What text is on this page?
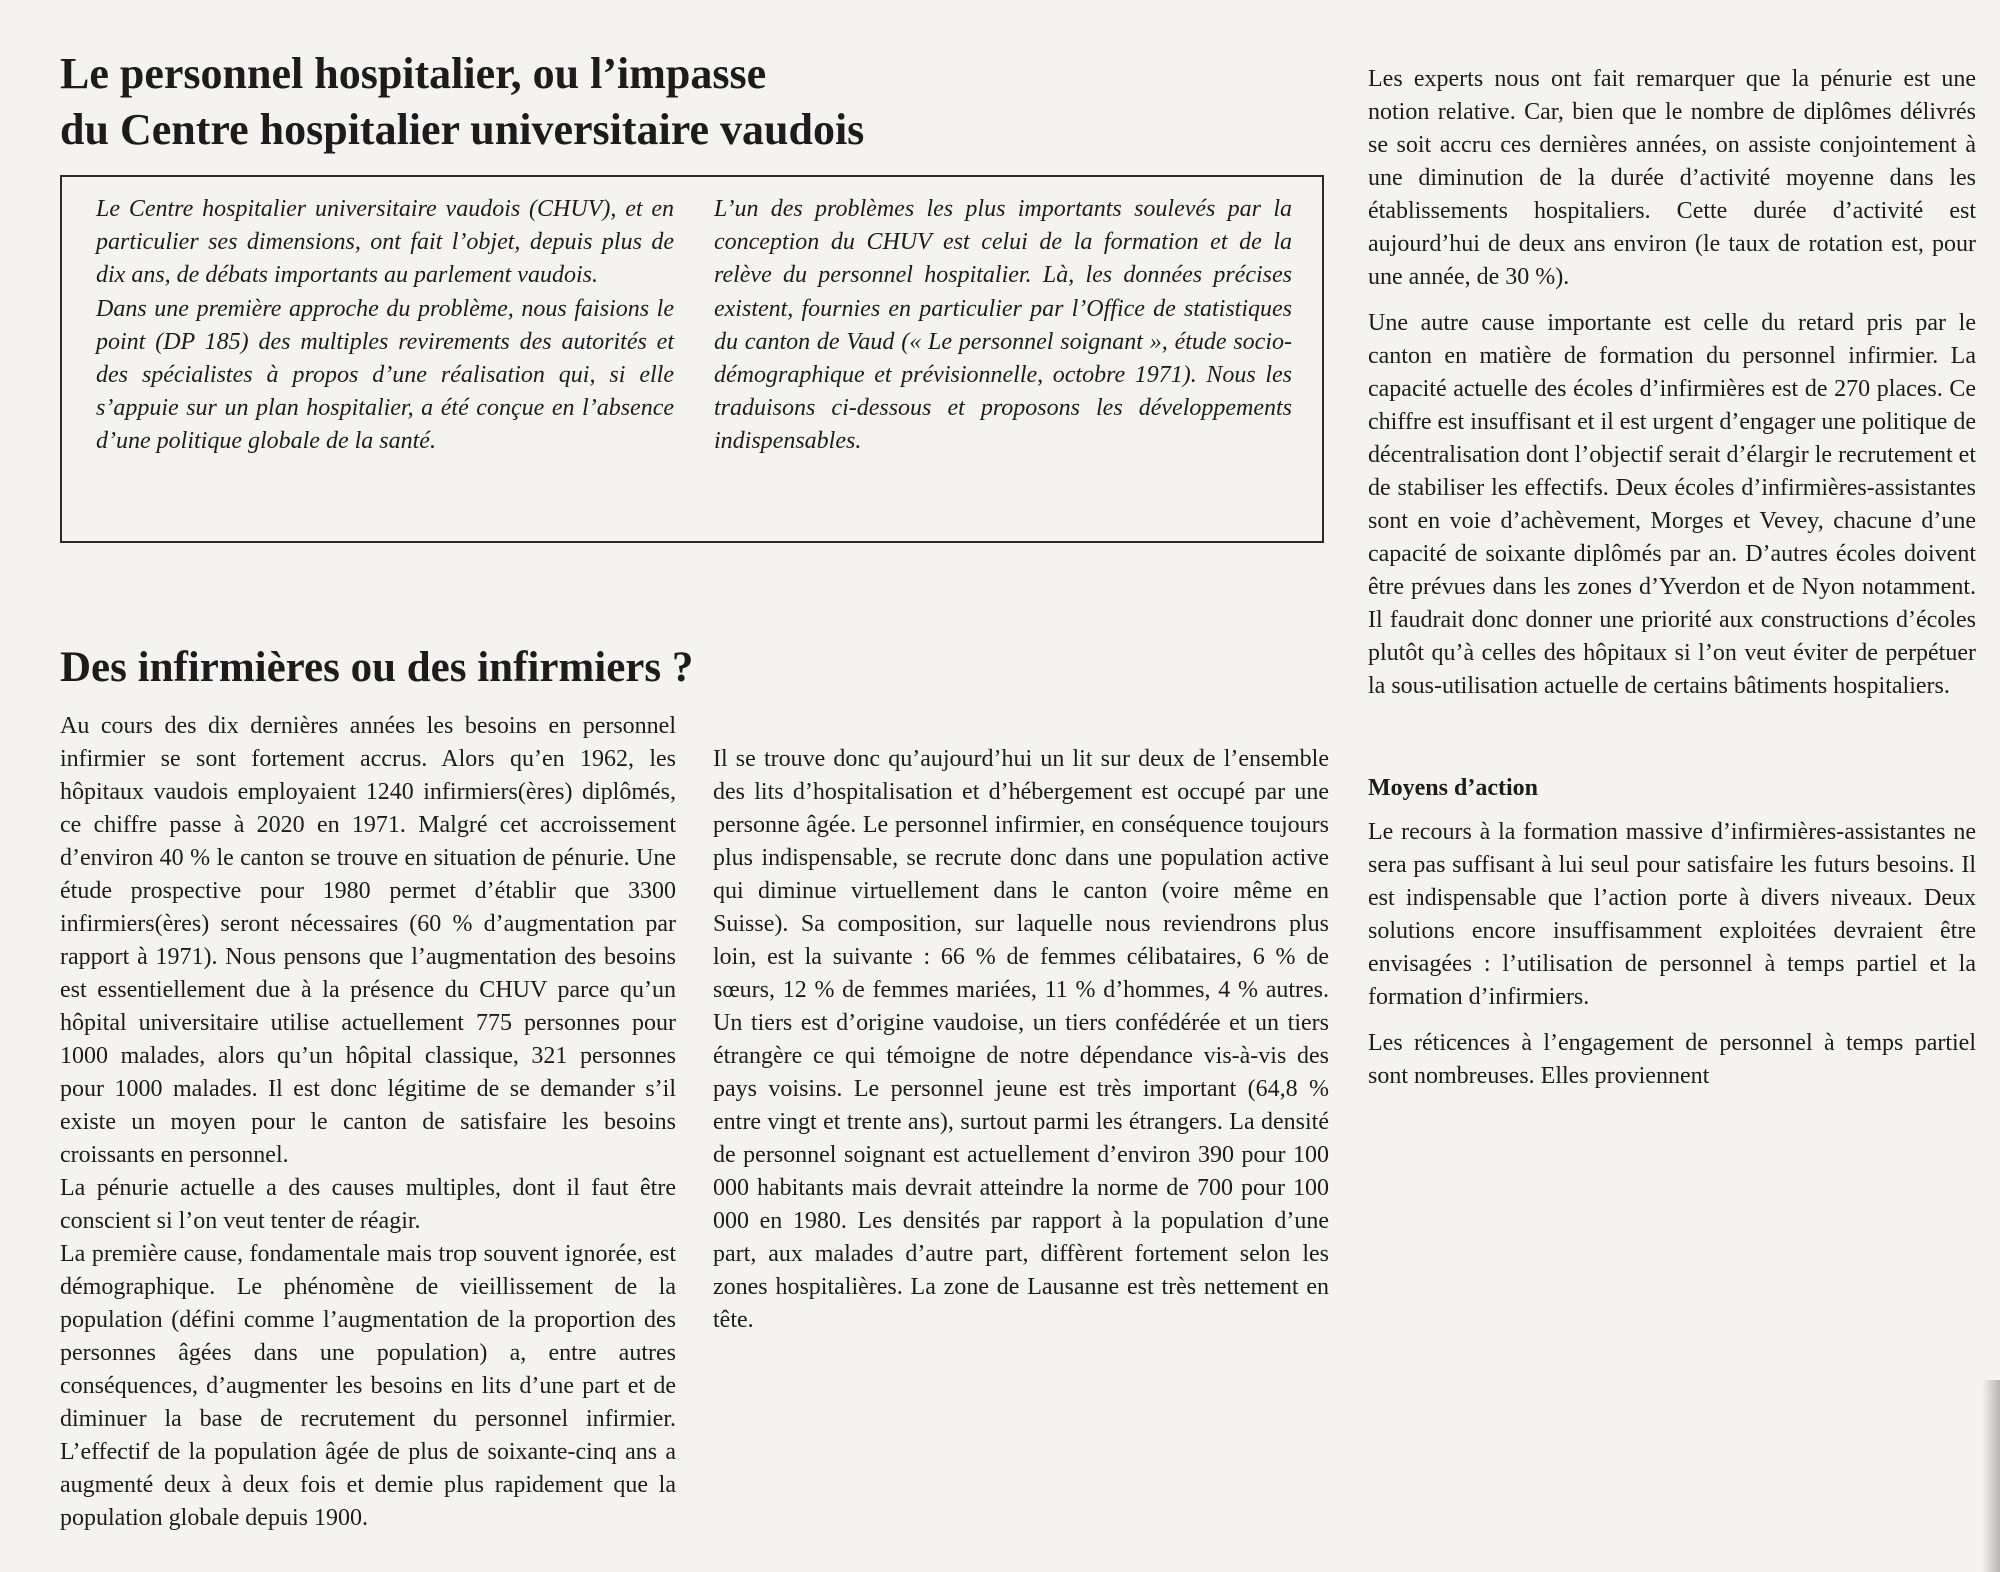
Le personnel hospitalier, ou l’impasse
du Centre hospitalier universitaire vaudois

Le Centre hospitalier universitaire vaudois (CHUV), et en particulier ses dimensions, ont fait l’objet, depuis plus de dix ans, de débats importants au parlement vaudois.

Dans une première approche du problème, nous faisions le point (DP 185) des multiples revirements des autorités et des spécialistes à propos d’une réalisation qui, si elle s’appuie sur un plan hospitalier, a été conçue en l’absence d’une politique globale de la santé.

L’un des problèmes les plus importants soulevés par la conception du CHUV est celui de la formation et de la relève du personnel hospitalier. Là, les données précises existent, fournies en particulier par l’Office de statistiques du canton de Vaud (« Le personnel soignant », étude socio-démographique et prévisionnelle, octobre 1971). Nous les traduisons ci-dessous et proposons les développements indispensables.

Des infirmières ou des infirmiers ?

Au cours des dix dernières années les besoins en personnel infirmier se sont fortement accrus. Alors qu’en 1962, les hôpitaux vaudois employaient 1240 infirmiers(ères) diplômés, ce chiffre passe à 2020 en 1971. Malgré cet accroissement d’environ 40 % le canton se trouve en situation de pénurie. Une étude prospective pour 1980 permet d’établir que 3300 infirmiers(ères) seront nécessaires (60 % d’augmentation par rapport à 1971). Nous pensons que l’augmentation des besoins est essentiellement due à la présence du CHUV parce qu’un hôpital universitaire utilise actuellement 775 personnes pour 1000 malades, alors qu’un hôpital classique, 321 personnes pour 1000 malades. Il est donc légitime de se demander s’il existe un moyen pour le canton de satisfaire les besoins croissants en personnel.

La pénurie actuelle a des causes multiples, dont il faut être conscient si l’on veut tenter de réagir.

La première cause, fondamentale mais trop souvent ignorée, est démographique. Le phénomène de vieillissement de la population (défini comme l’augmentation de la proportion des personnes âgées dans une population) a, entre autres conséquences, d’augmenter les besoins en lits d’une part et de diminuer la base de recrutement du personnel infirmier. L’effectif de la population âgée de plus de soixante-cinq ans a augmenté deux à deux fois et demie plus rapidement que la population globale depuis 1900.

Il se trouve donc qu’aujourd’hui un lit sur deux de l’ensemble des lits d’hospitalisation et d’hébergement est occupé par une personne âgée. Le personnel infirmier, en conséquence toujours plus indispensable, se recrute donc dans une population active qui diminue virtuellement dans le canton (voire même en Suisse). Sa composition, sur laquelle nous reviendrons plus loin, est la suivante : 66 % de femmes célibataires, 6 % de sœurs, 12 % de femmes mariées, 11 % d’hommes, 4 % autres. Un tiers est d’origine vaudoise, un tiers confédérée et un tiers étrangère ce qui témoigne de notre dépendance vis-à-vis des pays voisins. Le personnel jeune est très important (64,8 % entre vingt et trente ans), surtout parmi les étrangers. La densité de personnel soignant est actuellement d’environ 390 pour 100 000 habitants mais devrait atteindre la norme de 700 pour 100 000 en 1980. Les densités par rapport à la population d’une part, aux malades d’autre part, diffèrent fortement selon les zones hospitalières. La zone de Lausanne est très nettement en tête.

Les experts nous ont fait remarquer que la pénurie est une notion relative. Car, bien que le nombre de diplômes délivrés se soit accru ces dernières années, on assiste conjointement à une diminution de la durée d’activité moyenne dans les établissements hospitaliers. Cette durée d’activité est aujourd’hui de deux ans environ (le taux de rotation est, pour une année, de 30 %).

Une autre cause importante est celle du retard pris par le canton en matière de formation du personnel infirmier. La capacité actuelle des écoles d’infirmières est de 270 places. Ce chiffre est insuffisant et il est urgent d’engager une politique de décentralisation dont l’objectif serait d’élargir le recrutement et de stabiliser les effectifs. Deux écoles d’infirmières-assistantes sont en voie d’achèvement, Morges et Vevey, chacune d’une capacité de soixante diplômés par an. D’autres écoles doivent être prévues dans les zones d’Yverdon et de Nyon notamment. Il faudrait donc donner une priorité aux constructions d’écoles plutôt qu’à celles des hôpitaux si l’on veut éviter de perpétuer la sous-utilisation actuelle de certains bâtiments hospitaliers.

Moyens d’action

Le recours à la formation massive d’infirmières-assistantes ne sera pas suffisant à lui seul pour satisfaire les futurs besoins. Il est indispensable que l’action porte à divers niveaux. Deux solutions encore insuffisamment exploitées devraient être envisagées : l’utilisation de personnel à temps partiel et la formation d’infirmiers.

Les réticences à l’engagement de personnel à temps partiel sont nombreuses. Elles proviennent
